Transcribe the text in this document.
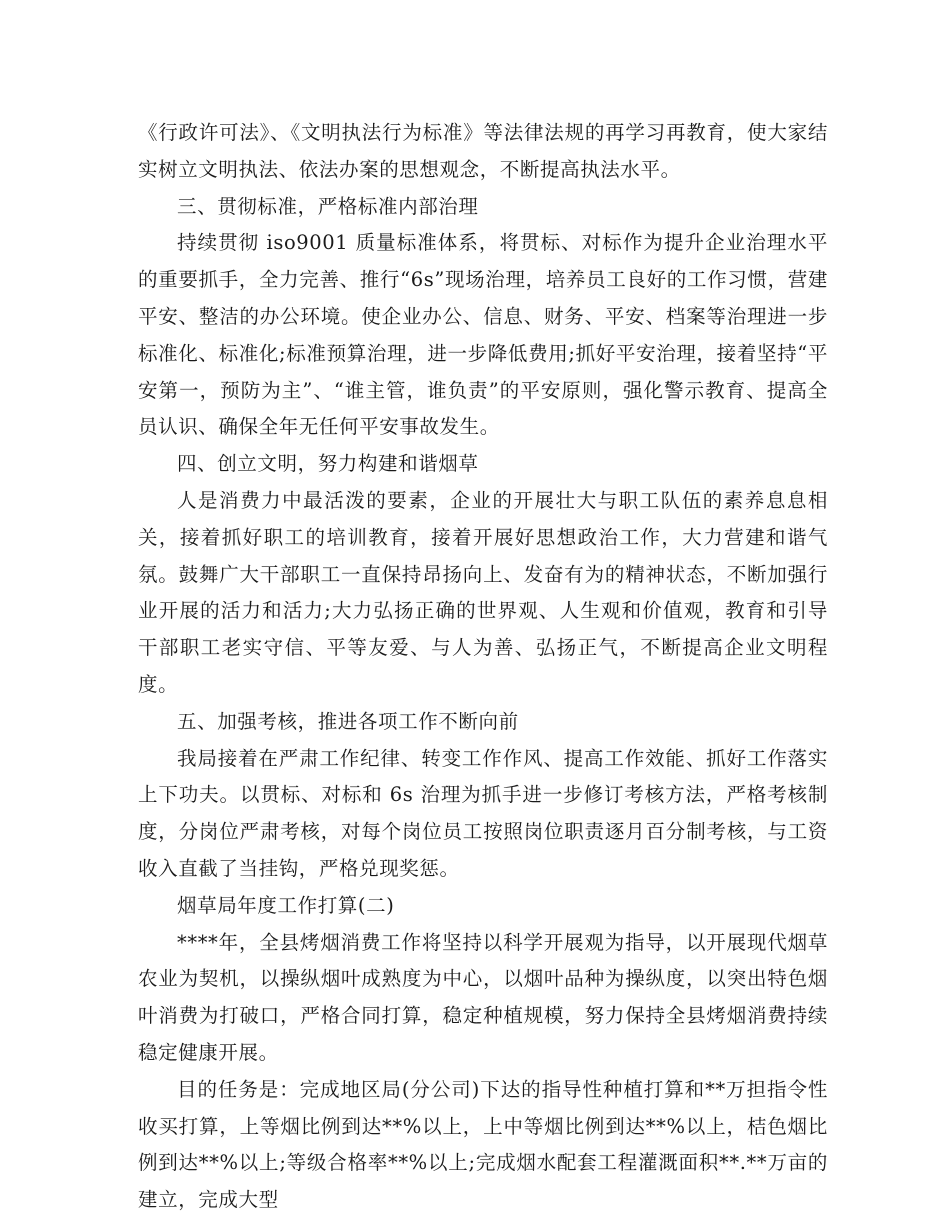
《行政许可法》、《文明执法行为标准》等法律法规的再学习再教育，使大家结实树立文明执法、依法办案的思想观念，不断提高执法水平。

三、贯彻标准，严格标准内部治理

持续贯彻 iso9001 质量标准体系，将贯标、对标作为提升企业治理水平的重要抓手，全力完善、推行“6s”现场治理，培养员工良好的工作习惯，营建平安、整洁的办公环境。使企业办公、信息、财务、平安、档案等治理进一步标准化、标准化;标准预算治理，进一步降低费用;抓好平安治理，接着坚持“平安第一，预防为主”、“谁主管，谁负责”的平安原则，强化警示教育、提高全员认识、确保全年无任何平安事故发生。

四、创立文明，努力构建和谐烟草

人是消费力中最活泼的要素，企业的开展壮大与职工队伍的素养息息相关，接着抓好职工的培训教育，接着开展好思想政治工作，大力营建和谐气氛。鼓舞广大干部职工一直保持昂扬向上、发奋有为的精神状态，不断加强行业开展的活力和活力;大力弘扬正确的世界观、人生观和价值观，教育和引导干部职工老实守信、平等友爱、与人为善、弘扬正气，不断提高企业文明程度。

五、加强考核，推进各项工作不断向前

我局接着在严肃工作纪律、转变工作作风、提高工作效能、抓好工作落实上下功夫。以贯标、对标和 6s 治理为抓手进一步修订考核方法，严格考核制度，分岗位严肃考核，对每个岗位员工按照岗位职责逐月百分制考核，与工资收入直截了当挂钩，严格兑现奖惩。

烟草局年度工作打算(二)

****年，全县烤烟消费工作将坚持以科学开展观为指导，以开展现代烟草农业为契机，以操纵烟叶成熟度为中心，以烟叶品种为操纵度，以突出特色烟叶消费为打破口，严格合同打算，稳定种植规模，努力保持全县烤烟消费持续稳定健康开展。

目的任务是：完成地区局(分公司)下达的指导性种植打算和**万担指令性收买打算，上等烟比例到达**%以上，上中等烟比例到达**%以上，桔色烟比例到达**%以上;等级合格率**%以上;完成烟水配套工程灌溉面积**.**万亩的建立，完成大型
